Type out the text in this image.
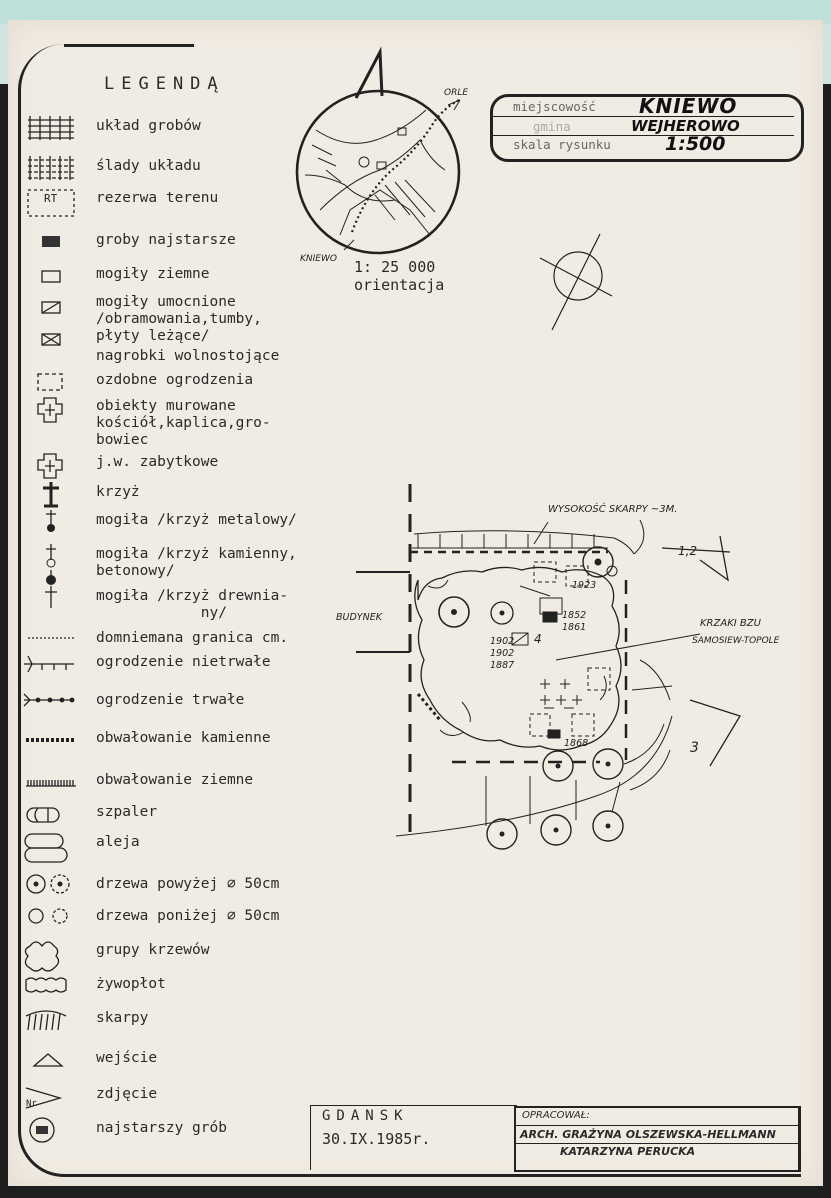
LEGENDĄ
układ grobów
ślady układu
RT	rezerwa terenu
groby najstarsze
mogiły ziemne
mogiły umocnione
/obramowania,tumby,
płyty leżące/
nagrobki wolnostojące
ozdobne ogrodzenia
obiekty murowane
kościół,kaplica,gro-
bowiec
j.w. zabytkowe
krzyż
mogiła /krzyż metalowy/
mogiła /krzyż kamienny,
betonowy/
mogiła /krzyż drewnia-
ny/
domniemana granica cm.
ogrodzenie nietrwałe
ogrodzenie trwałe
obwałowanie kamienne
obwałowanie ziemne
szpaler
aleja
drzewa powyżej ⌀ 50cm
drzewa poniżej ⌀ 50cm
grupy krzewów
żywopłot
skarpy
wejście
Nr
zdjęcie
najstarszy grób
miejscowość KNIEWO
gmina	WEJHEROWO
skala rysunku	1:500
ORLE
KNIEWO 1: 25 000
orientacja
WYSOKOŚĆ SKARPY ~3M.
BUDYNEK
KRZAKI BZU
SAMOSIEW-TOPOLE
1,2
3
4
1852
1861
1923
1902
1902
1887
1868
GDANSK
30.IX.1985r.
OPRACOWAŁ:
ARCH. GRAŻYNA OLSZEWSKA-HELLMANN
KATARZYNA PERUCKA
